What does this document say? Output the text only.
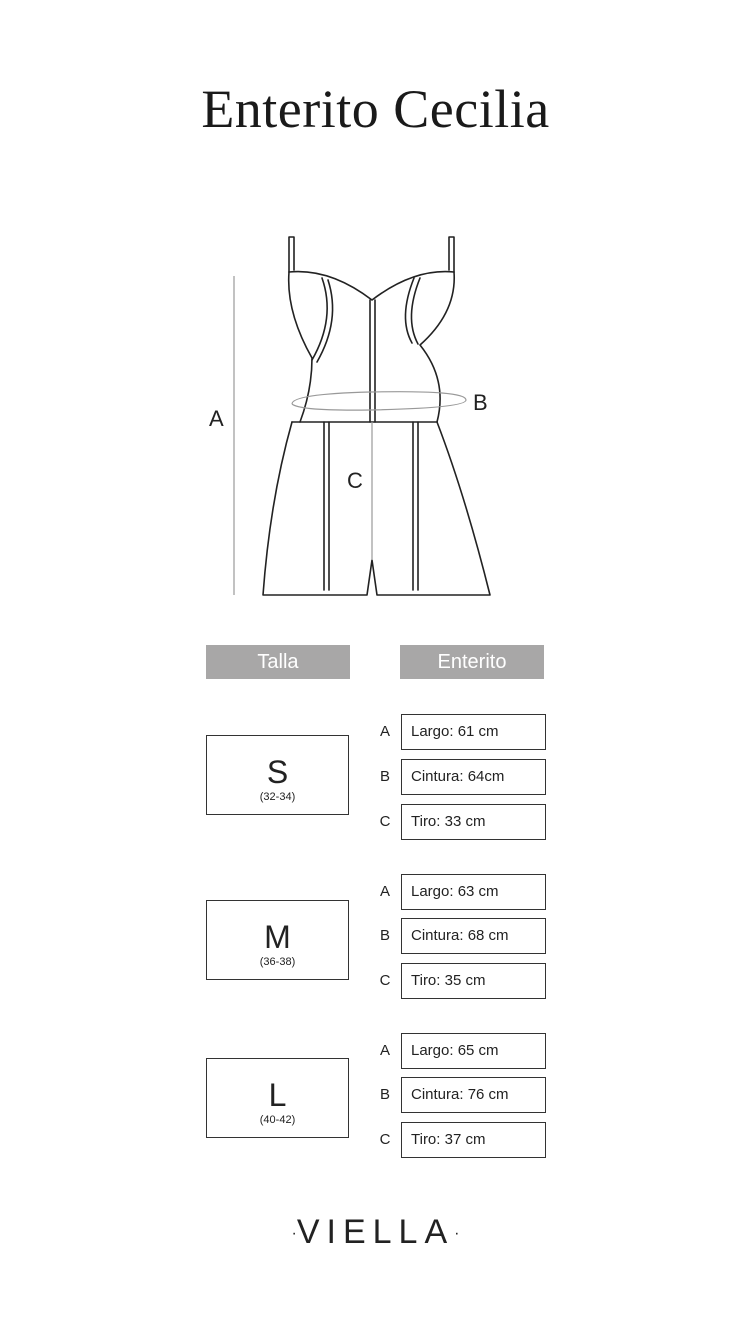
Enterito Cecilia
A
B
C
Talla	Enterito
S
(32-34)
A	Largo: 61 cm
B	Cintura: 64cm
C	Tiro: 33 cm
M
(36-38)
A	Largo: 63 cm
B	Cintura: 68 cm
C	Tiro: 35 cm
L
(40-42)
A	Largo: 65 cm
B	Cintura: 76 cm
C	Tiro: 37 cm
·VIELLA·
